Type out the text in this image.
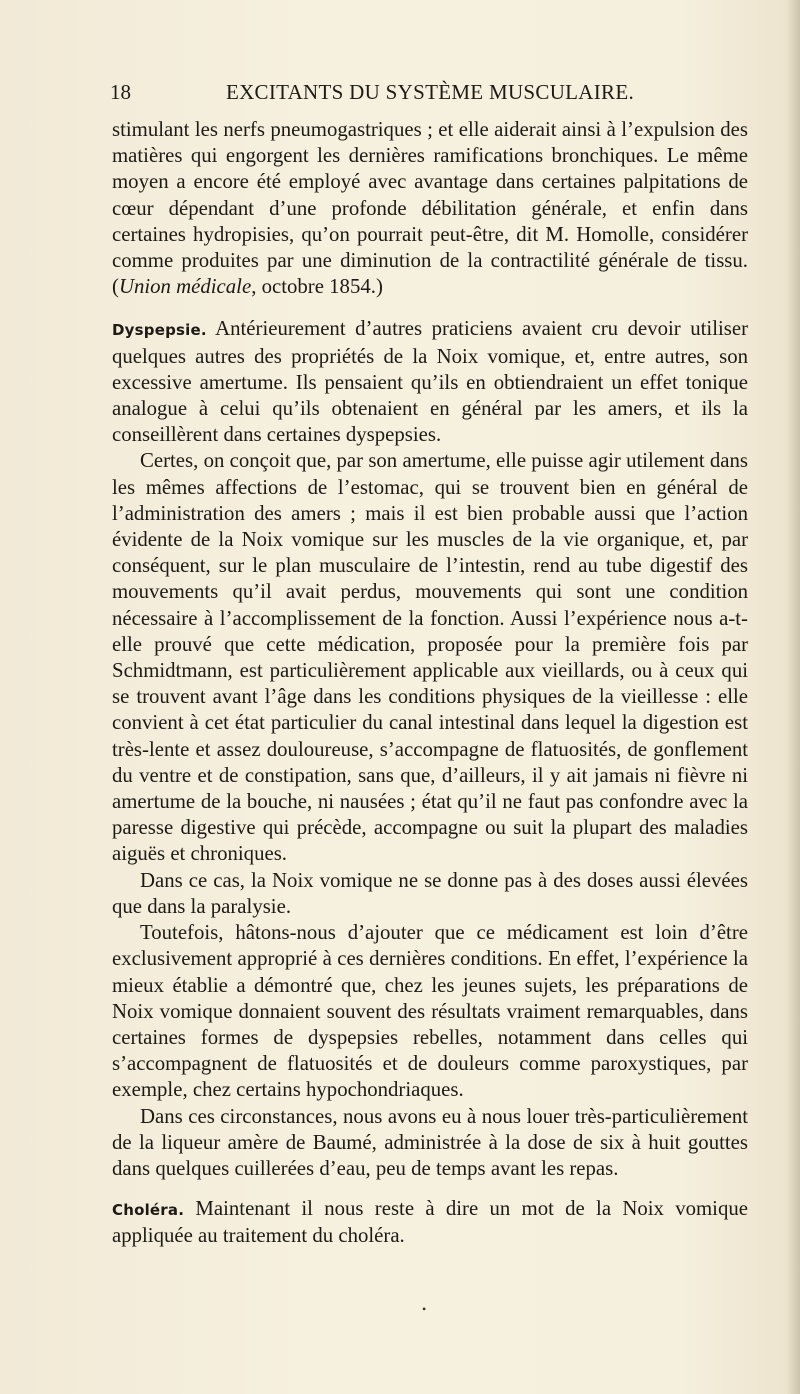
18	EXCITANTS DU SYSTÈME MUSCULAIRE.

stimulant les nerfs pneumogastriques ; et elle aiderait ainsi à l’expulsion des matières qui engorgent les dernières ramifications bronchiques. Le même moyen a encore été employé avec avantage dans certaines palpitations de cœur dépendant d’une profonde débilitation générale, et enfin dans certaines hydropisies, qu’on pourrait peut-être, dit M. Homolle, considérer comme produites par une diminution de la contractilité générale de tissu. (Union médicale, octobre 1854.)

Dyspepsie. Antérieurement d’autres praticiens avaient cru devoir utiliser quelques autres des propriétés de la Noix vomique, et, entre autres, son excessive amertume. Ils pensaient qu’ils en obtiendraient un effet tonique analogue à celui qu’ils obtenaient en général par les amers, et ils la conseillèrent dans certaines dyspepsies.

Certes, on conçoit que, par son amertume, elle puisse agir utilement dans les mêmes affections de l’estomac, qui se trouvent bien en général de l’administration des amers ; mais il est bien probable aussi que l’action évidente de la Noix vomique sur les muscles de la vie organique, et, par conséquent, sur le plan musculaire de l’intestin, rend au tube digestif des mouvements qu’il avait perdus, mouvements qui sont une condition nécessaire à l’accomplissement de la fonction. Aussi l’expérience nous a-t-elle prouvé que cette médication, proposée pour la première fois par Schmidtmann, est particulièrement applicable aux vieillards, ou à ceux qui se trouvent avant l’âge dans les conditions physiques de la vieillesse : elle convient à cet état particulier du canal intestinal dans lequel la digestion est très-lente et assez douloureuse, s’accompagne de flatuosités, de gonflement du ventre et de constipation, sans que, d’ailleurs, il y ait jamais ni fièvre ni amertume de la bouche, ni nausées ; état qu’il ne faut pas confondre avec la paresse digestive qui précède, accompagne ou suit la plupart des maladies aiguës et chroniques.

Dans ce cas, la Noix vomique ne se donne pas à des doses aussi élevées que dans la paralysie.

Toutefois, hâtons-nous d’ajouter que ce médicament est loin d’être exclusivement approprié à ces dernières conditions. En effet, l’expérience la mieux établie a démontré que, chez les jeunes sujets, les préparations de Noix vomique donnaient souvent des résultats vraiment remarquables, dans certaines formes de dyspepsies rebelles, notamment dans celles qui s’accompagnent de flatuosités et de douleurs comme paroxystiques, par exemple, chez certains hypochondriaques.

Dans ces circonstances, nous avons eu à nous louer très-particulièrement de la liqueur amère de Baumé, administrée à la dose de six à huit gouttes dans quelques cuillerées d’eau, peu de temps avant les repas.

Choléra. Maintenant il nous reste à dire un mot de la Noix vomique appliquée au traitement du choléra.

•
